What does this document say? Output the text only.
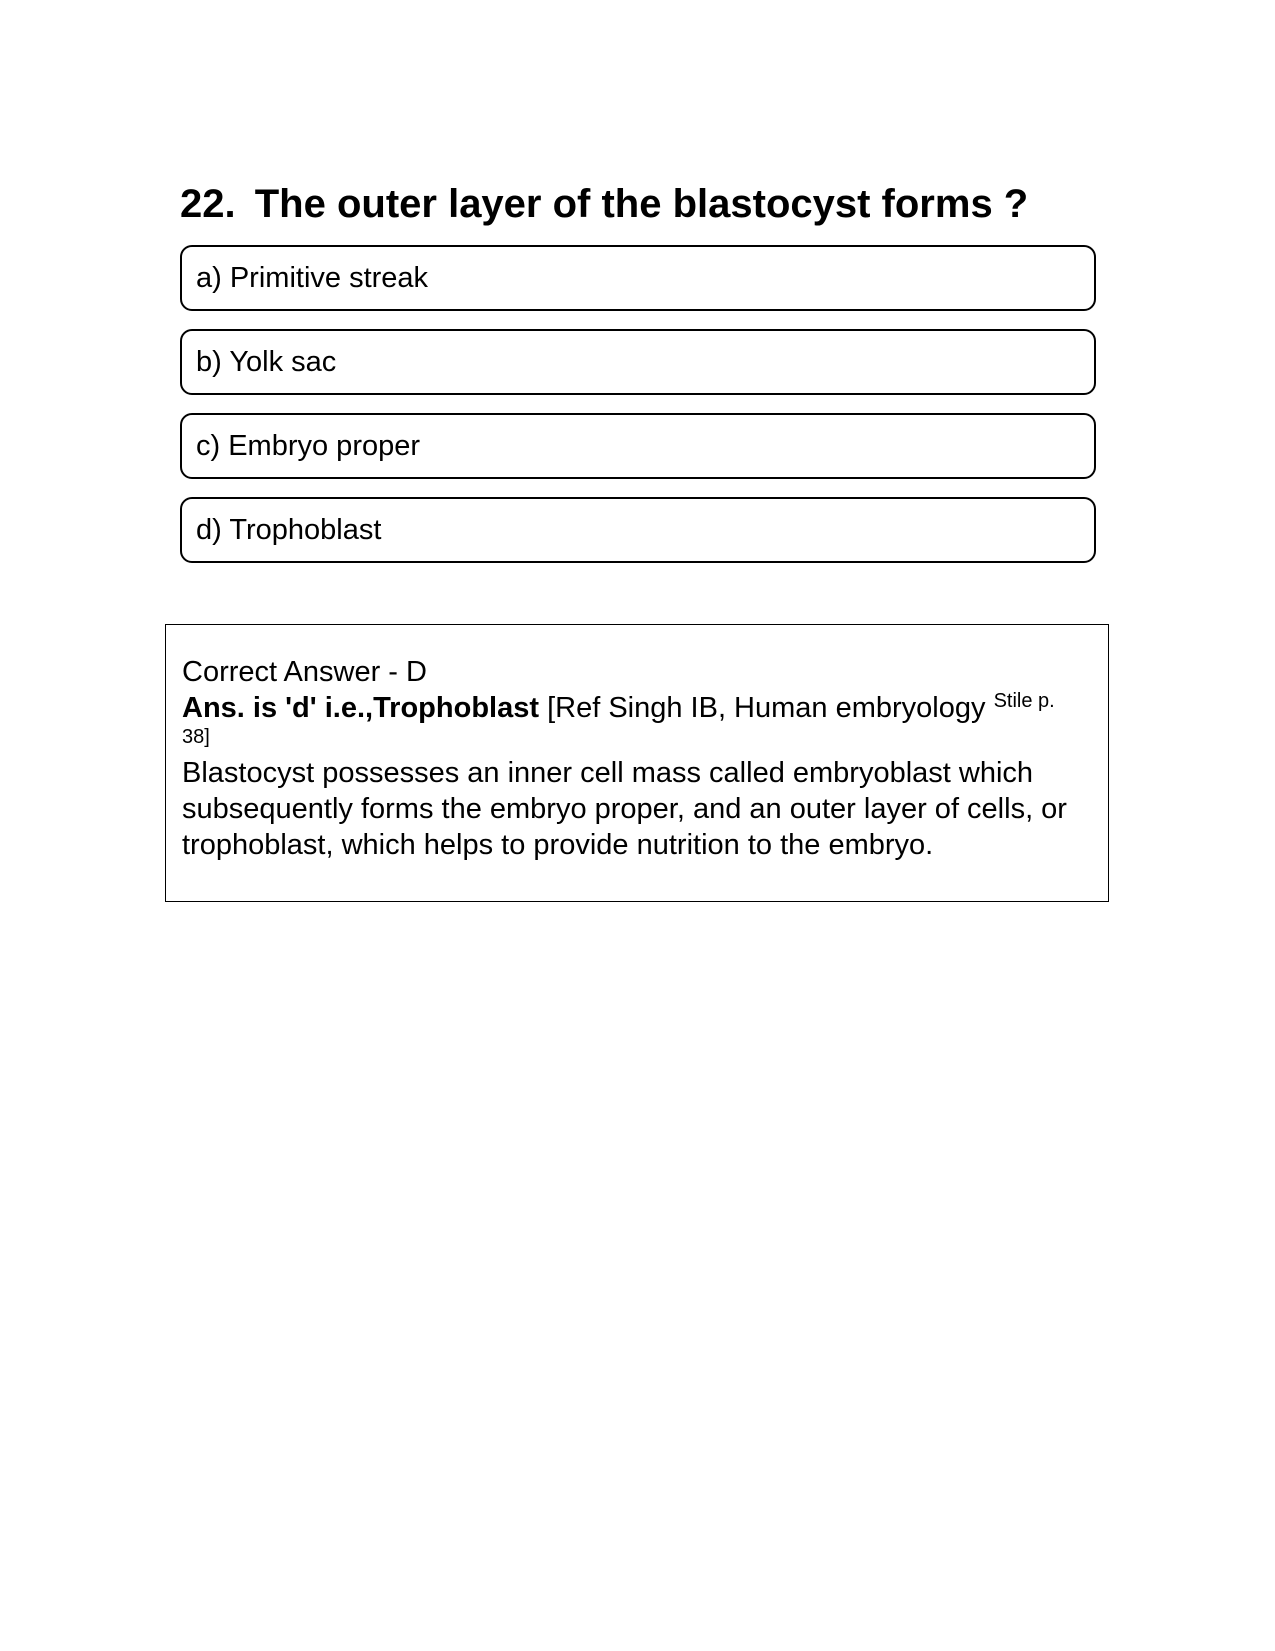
22. The outer layer of the blastocyst forms ?
a) Primitive streak
b) Yolk sac
c) Embryo proper
d) Trophoblast

Correct Answer - D

Ans. is 'd' i.e.,Trophoblast [Ref Singh IB, Human embryology $^{Stile p.}$
38]

Blastocyst possesses an inner cell mass called embryoblast which subsequently forms the embryo proper, and an outer layer of cells, or trophoblast, which helps to provide nutrition to the embryo.
